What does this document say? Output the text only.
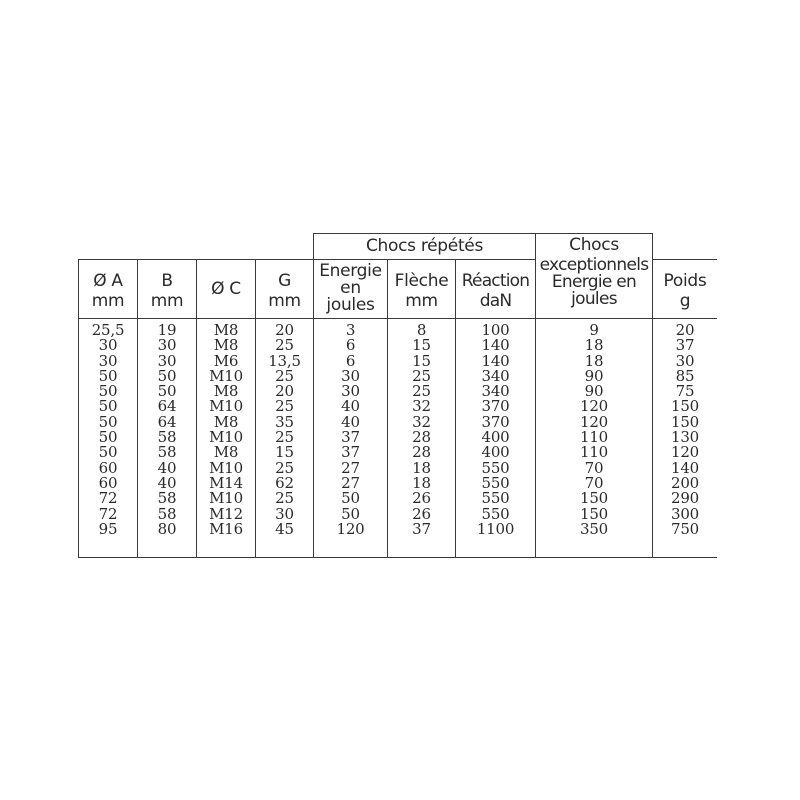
Chocs répétés	Chocs
Ø A
mm
B
mm
Ø C	G
mm
Energie
en
joules
Flèche
mm
Réaction
daN
exceptionnels
Energie en
joules
Poids
g
25,5
30
30
50
50
50
50
50
50
60
60
72
72
95
19
30
30
50
50
64
64
58
58
40
40
58
58
80
M8
M8
M6
M10
M8
M10
M8
M10
M8
M10
M14
M10
M12
M16
20
25
13,5
25
20
25
35
25
15
25
62
25
30
45
3
6
6
30
30
40
40
37
37
27
27
50
50
120
8
15
15
25
25
32
32
28
28
18
18
26
26
37
100
140
140
340
340
370
370
400
400
550
550
550
550
1100
9
18
18
90
90
120
120
110
110
70
70
150
150
350
20
37
30
85
75
150
150
130
120
140
200
290
300
750
